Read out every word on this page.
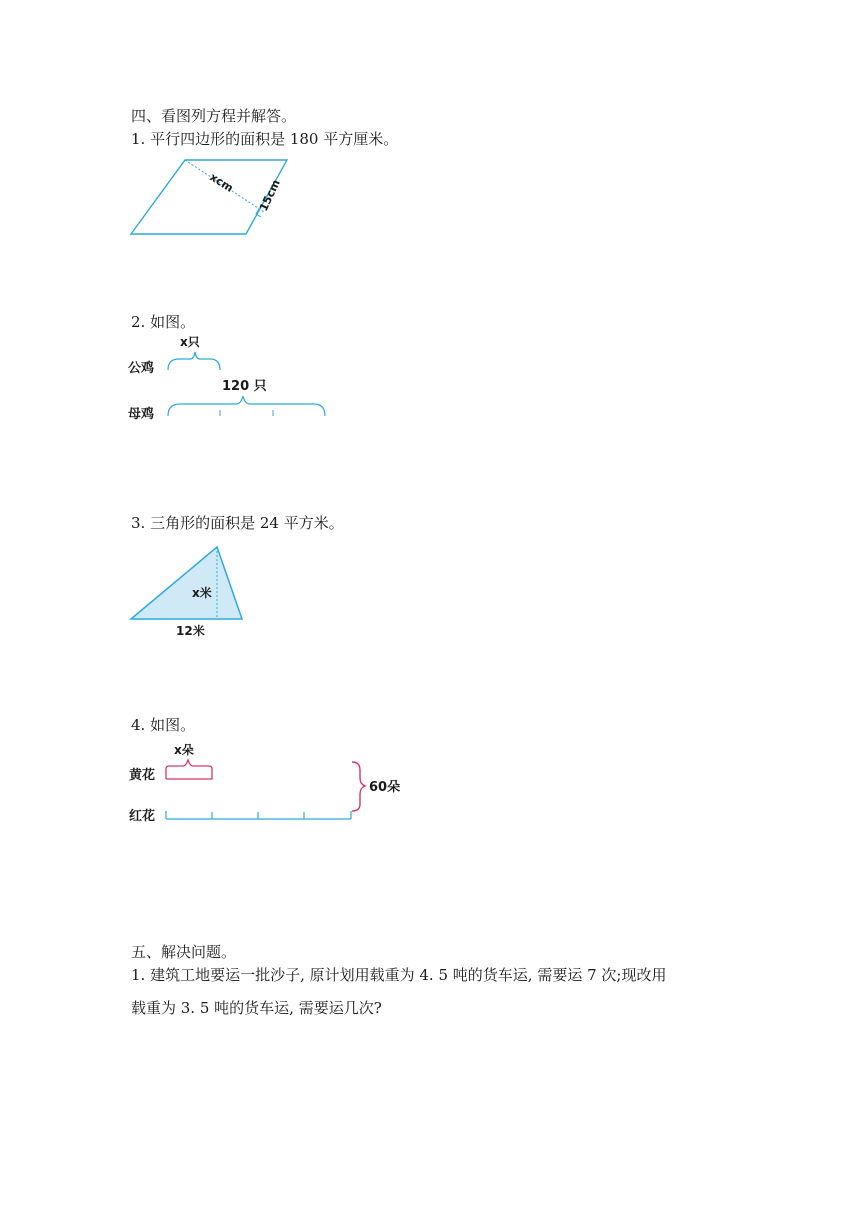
四、看图列方程并解答。
1. 平行四边形的面积是 180 平方厘米。
xcm 15cm
2. 如图。
x只
公鸡
120 只
母鸡
3. 三角形的面积是 24 平方米。
x米
12米
4. 如图。
x朵
黄花
红花
60朵
五、解决问题。
1. 建筑工地要运一批沙子, 原计划用载重为 4. 5 吨的货车运, 需要运 7 次;现改用
载重为 3. 5 吨的货车运, 需要运几次?
